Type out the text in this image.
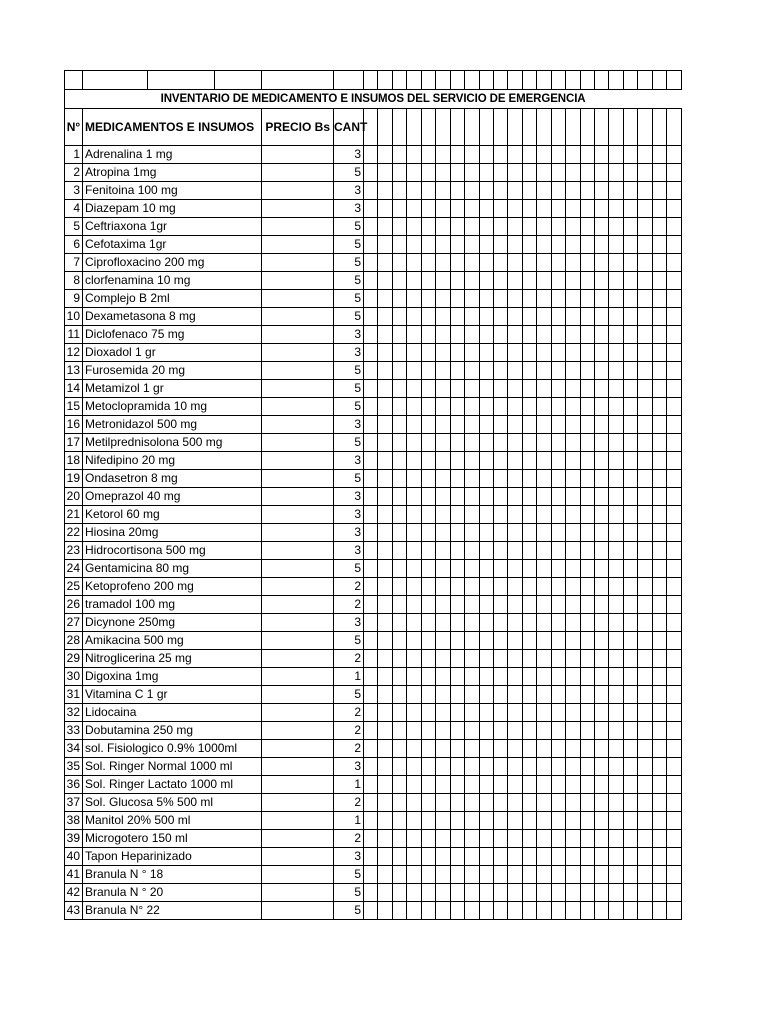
INVENTARIO DE MEDICAMENTO E INSUMOS DEL SERVICIO DE EMERGENCIA																									
N°	MEDICAMENTOS E INSUMOS	PRECIO Bs	CANT																						
1	Adrenalina 1 mg		3																						
2	Atropina 1mg		5																						
3	Fenitoina 100 mg		3																						
4	Diazepam 10 mg		3																						
5	Ceftriaxona 1gr		5																						
6	Cefotaxima 1gr		5																						
7	Ciprofloxacino 200 mg		5																						
8	clorfenamina 10 mg		5																						
9	Complejo B 2ml		5																						
10	Dexametasona 8 mg		5																						
11	Diclofenaco 75 mg		3																						
12	Dioxadol 1 gr		3																						
13	Furosemida 20 mg		5																						
14	Metamizol 1 gr		5																						
15	Metoclopramida 10 mg		5																						
16	Metronidazol 500 mg		3																						
17	Metilprednisolona 500 mg		5																						
18	Nifedipino 20 mg		3																						
19	Ondasetron 8 mg		5																						
20	Omeprazol 40 mg		3																						
21	Ketorol 60 mg		3																						
22	Hiosina 20mg		3																						
23	Hidrocortisona 500 mg		3																						
24	Gentamicina 80 mg		5																						
25	Ketoprofeno 200 mg		2																						
26	tramadol 100 mg		2																						
27	Dicynone 250mg		3																						
28	Amikacina 500 mg		5																						
29	Nitroglicerina 25 mg		2																						
30	Digoxina 1mg		1																						
31	Vitamina C 1 gr		5																						
32	Lidocaina		2																						
33	Dobutamina 250 mg		2																						
34	sol. Fisiologico 0.9% 1000ml		2																						
35	Sol. Ringer Normal 1000 ml		3																						
36	Sol. Ringer Lactato 1000 ml		1																						
37	Sol. Glucosa 5% 500 ml		2																						
38	Manitol 20% 500 ml		1																						
39	Microgotero 150 ml		2																						
40	Tapon Heparinizado		3																						
41	Branula N ° 18		5																						
42	Branula N ° 20		5																						
43	Branula N° 22		5																						
